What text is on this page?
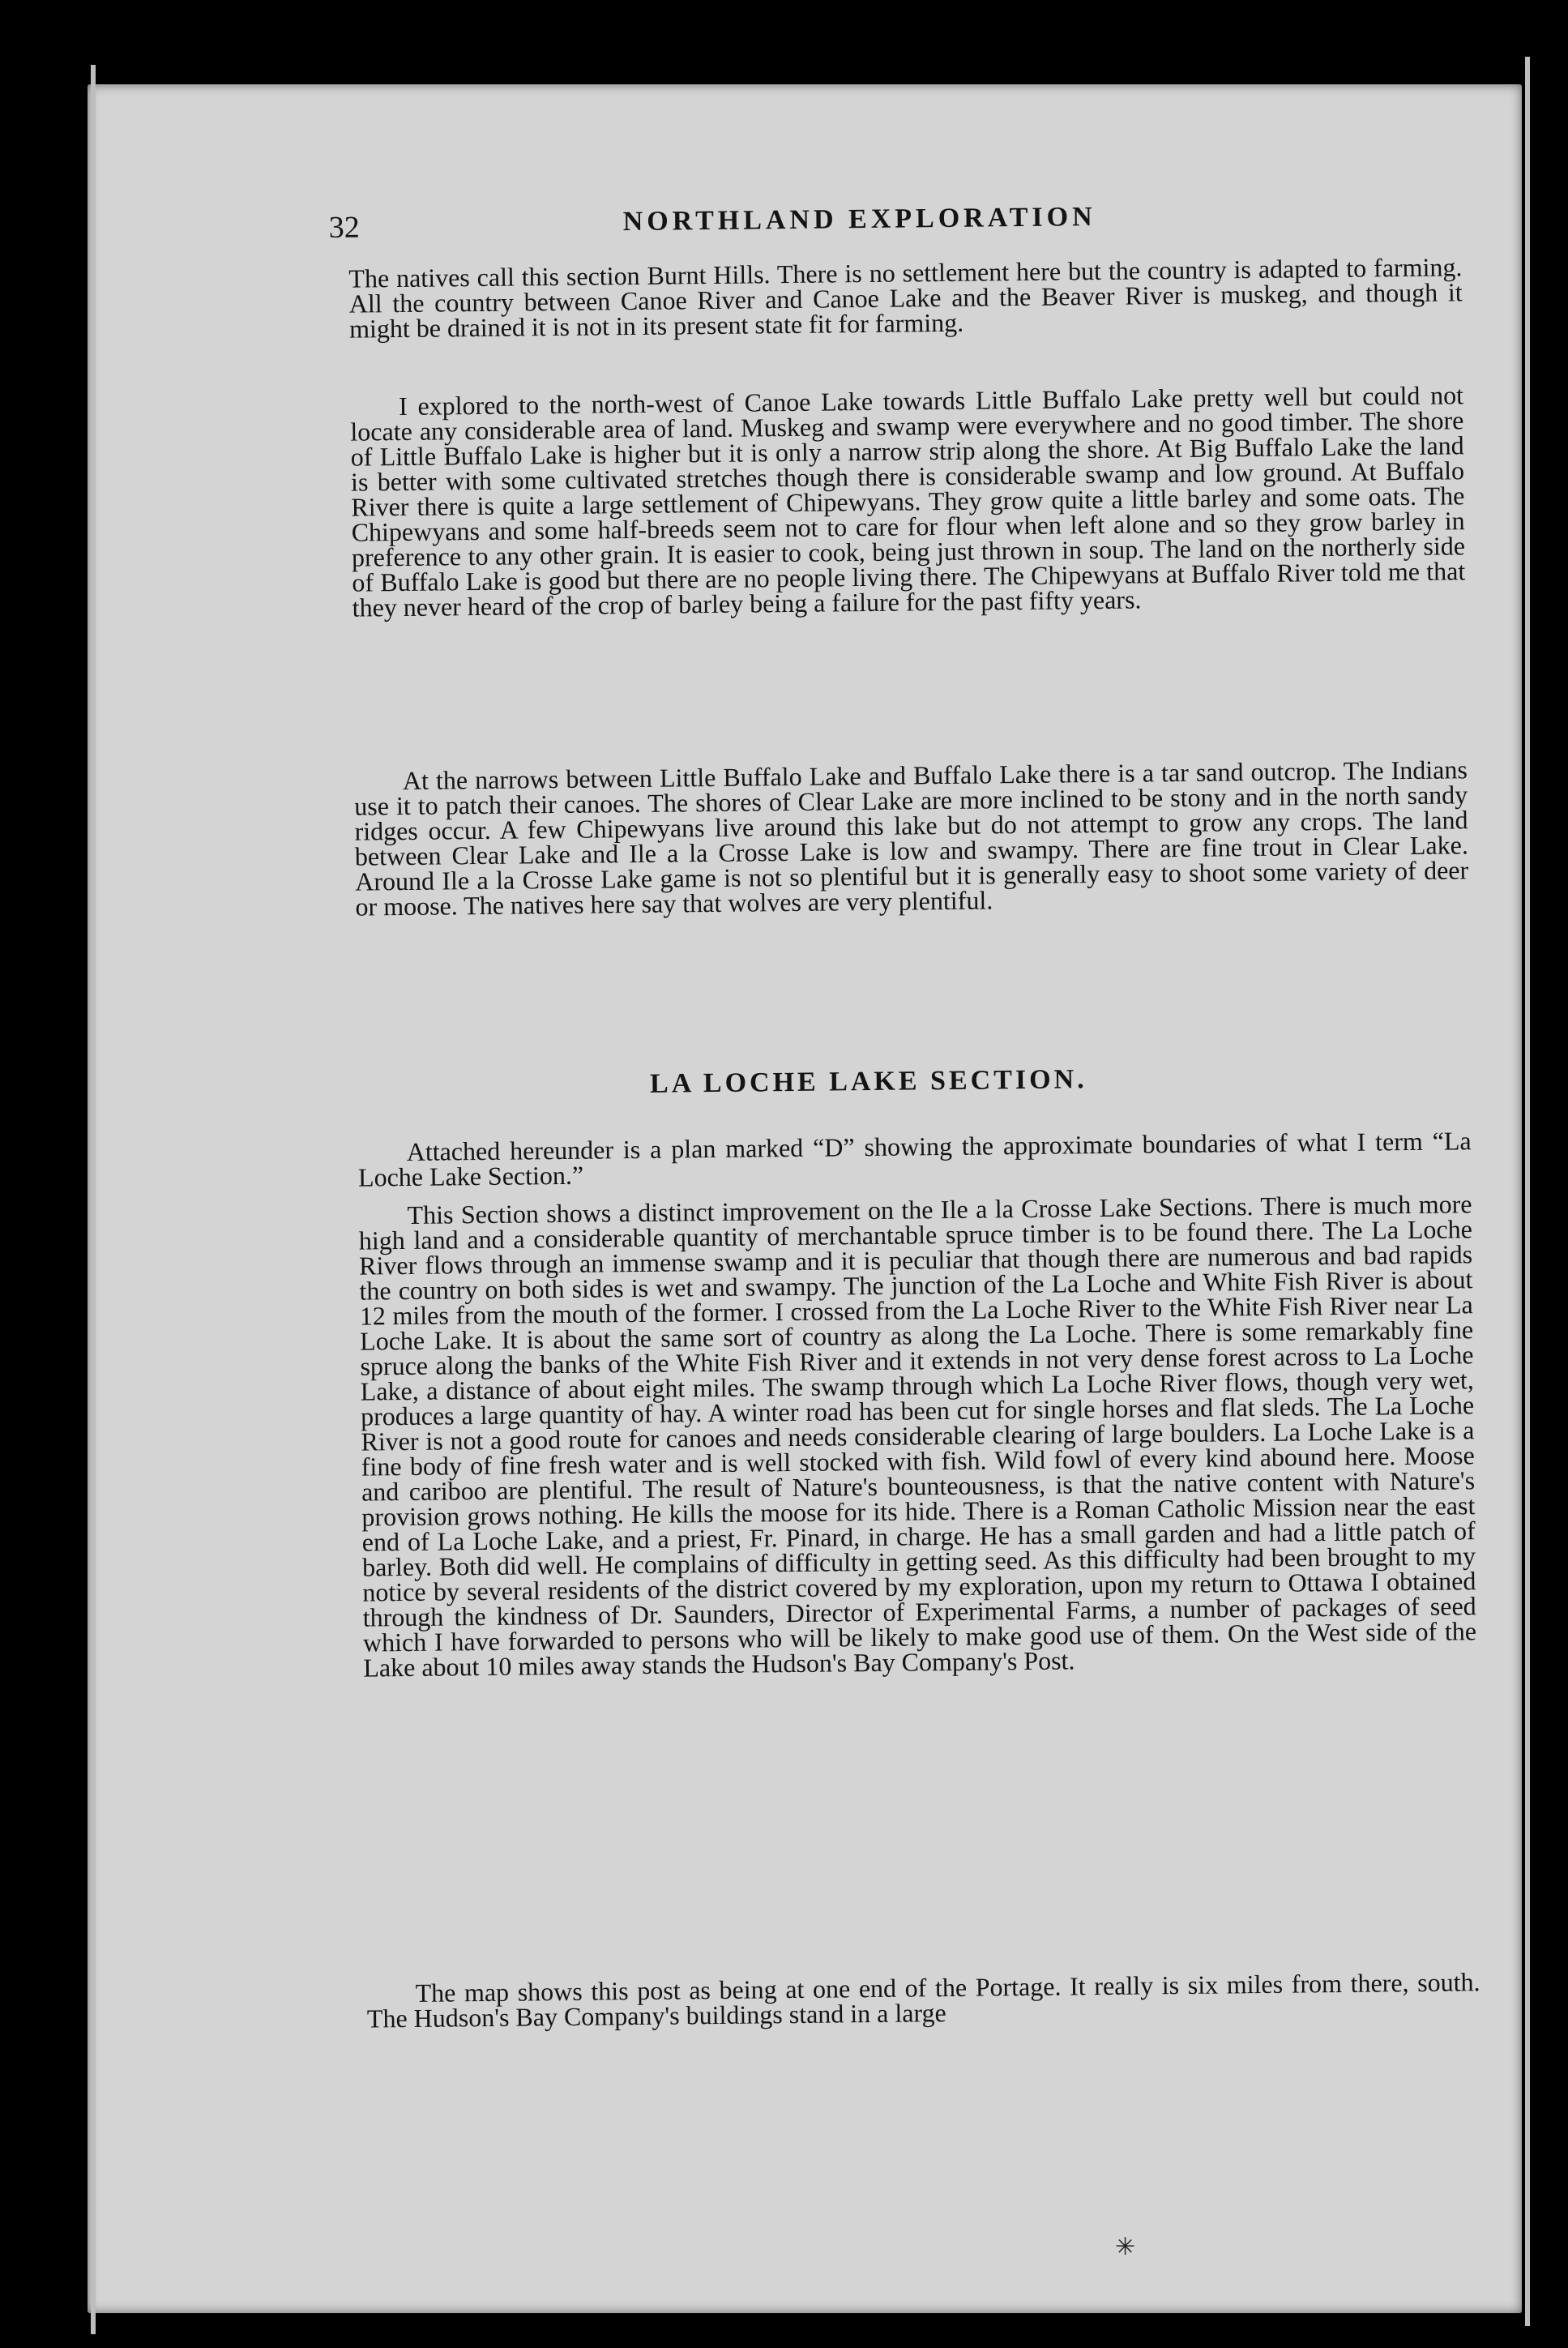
32	NORTHLAND EXPLORATION

The natives call this section Burnt Hills. There is no settlement here but the country is adapted to farming. All the country between Canoe River and Canoe Lake and the Beaver River is muskeg, and though it might be drained it is not in its present state fit for farming.

I explored to the north-west of Canoe Lake towards Little Buffalo Lake pretty well but could not locate any considerable area of land. Muskeg and swamp were everywhere and no good timber. The shore of Little Buffalo Lake is higher but it is only a narrow strip along the shore. At Big Buffalo Lake the land is better with some cultivated stretches though there is considerable swamp and low ground. At Buffalo River there is quite a large settlement of Chipewyans. They grow quite a little barley and some oats. The Chipewyans and some half-breeds seem not to care for flour when left alone and so they grow barley in preference to any other grain. It is easier to cook, being just thrown in soup. The land on the northerly side of Buffalo Lake is good but there are no people living there. The Chipewyans at Buffalo River told me that they never heard of the crop of barley being a failure for the past fifty years.

At the narrows between Little Buffalo Lake and Buffalo Lake there is a tar sand outcrop. The Indians use it to patch their canoes. The shores of Clear Lake are more inclined to be stony and in the north sandy ridges occur. A few Chipewyans live around this lake but do not attempt to grow any crops. The land between Clear Lake and Ile a la Crosse Lake is low and swampy. There are fine trout in Clear Lake. Around Ile a la Crosse Lake game is not so plentiful but it is generally easy to shoot some variety of deer or moose. The natives here say that wolves are very plentiful.

LA LOCHE LAKE SECTION.

Attached hereunder is a plan marked “D” showing the approximate boundaries of what I term “La Loche Lake Section.”

This Section shows a distinct improvement on the Ile a la Crosse Lake Sections. There is much more high land and a considerable quantity of merchantable spruce timber is to be found there. The La Loche River flows through an immense swamp and it is peculiar that though there are numerous and bad rapids the country on both sides is wet and swampy. The junction of the La Loche and White Fish River is about 12 miles from the mouth of the former. I crossed from the La Loche River to the White Fish River near La Loche Lake. It is about the same sort of country as along the La Loche. There is some remarkably fine spruce along the banks of the White Fish River and it extends in not very dense forest across to La Loche Lake, a distance of about eight miles. The swamp through which La Loche River flows, though very wet, produces a large quantity of hay. A winter road has been cut for single horses and flat sleds. The La Loche River is not a good route for canoes and needs considerable clearing of large boulders. La Loche Lake is a fine body of fine fresh water and is well stocked with fish. Wild fowl of every kind abound here. Moose and cariboo are plentiful. The result of Nature's bounteousness, is that the native content with Nature's provision grows nothing. He kills the moose for its hide. There is a Roman Catholic Mission near the east end of La Loche Lake, and a priest, Fr. Pinard, in charge. He has a small garden and had a little patch of barley. Both did well. He complains of difficulty in getting seed. As this difficulty had been brought to my notice by several residents of the district covered by my exploration, upon my return to Ottawa I obtained through the kindness of Dr. Saunders, Director of Experimental Farms, a number of packages of seed which I have forwarded to persons who will be likely to make good use of them. On the West side of the Lake about 10 miles away stands the Hudson's Bay Company's Post.

The map shows this post as being at one end of the Portage. It really is six miles from there, south. The Hudson's Bay Company's buildings stand in a large

✳
